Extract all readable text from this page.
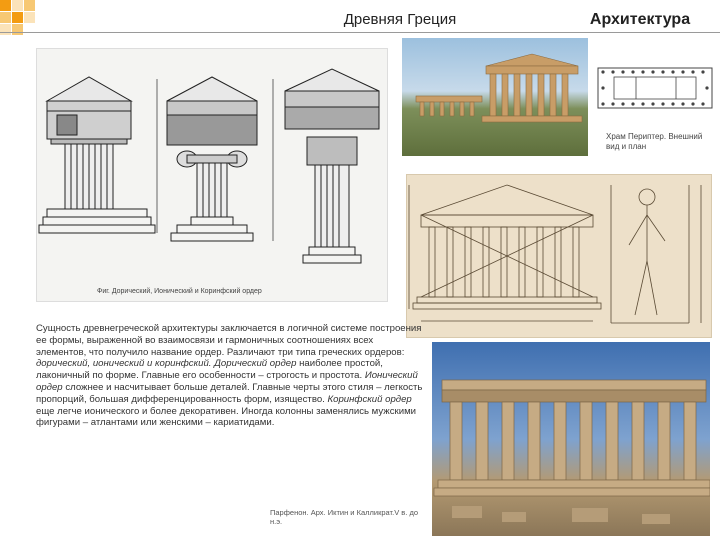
Древняя Греция	Архитектура
Фиг. Дорический, Ионический и Коринфский ордер
Храм Периптер. Внешний вид и план
Сущность древнегреческой архитектуры заключается в логичной системе построения ее формы, выраженной во взаимосвязи и гармоничных соотношениях всех элементов, что получило название ордер. Различают три типа греческих ордеров: дорический, ионический и коринфский. Дорический ордер наиболее простой, лаконичный по форме. Главные его особенности – строгость и простота. Ионический ордер сложнее и насчитывает больше деталей. Главные черты этого стиля – легкость пропорций, большая дифференцированность форм, изящество. Коринфский ордер еще легче ионического и более декоративен. Иногда колонны заменялись мужскими фигурами – атлантами или женскими – кариатидами.
Парфенон. Арх. Иктин и Калликрат.V в. до н.э.
